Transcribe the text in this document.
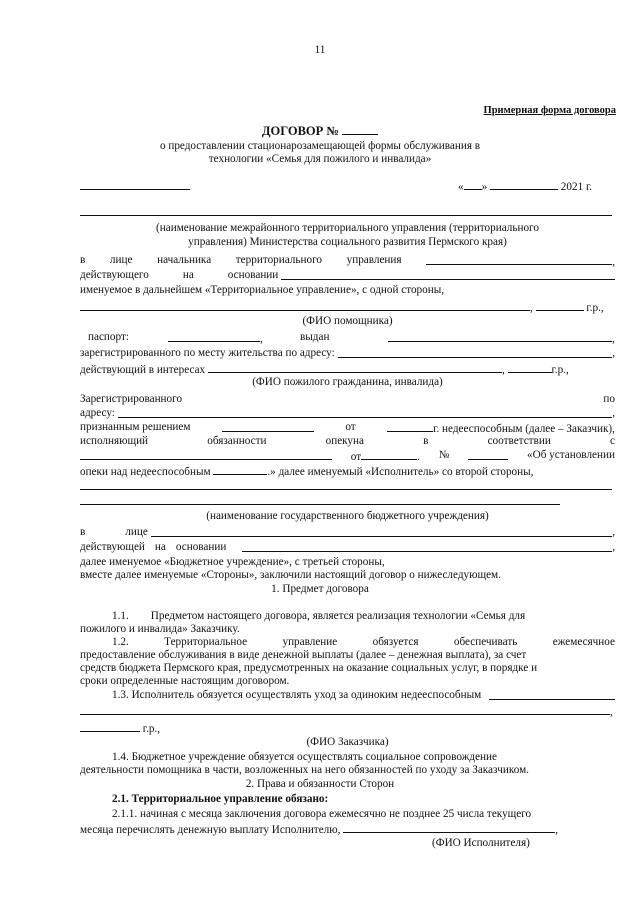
11
Примерная форма договора
ДОГОВОР №
о предоставлении стационарозамещающей формы обслуживания в
технологии «Семья для пожилого и инвалида»
« »	2021 г.
(наименование межрайонного территориального управления (территориального
управления) Министерства социального развития Пермского края)
в лице начальника территориального управления	,
действующего	на	основании
именуемое в дальнейшем «Территориальное управление», с одной стороны,
,	г.р.,
(ФИО помощника)
паспорт:	,	выдан	,
зарегистрированного по месту жительства по адресу:	,
действующий в интересах	,	г.р.,
(ФИО пожилого гражданина, инвалида)
Зарегистрированного	по
адресу:	,
признанным решением	от	г. недееспособным (далее – Заказчик),
исполняющий	обязанности	опекуна	в	соответствии	с
от	. №	«Об установлении
опеки над недееспособным	.» далее именуемый «Исполнитель» со второй стороны,
(наименование государственного бюджетного учреждения)
в	лице	,
действующей на основании	,
далее именуемое «Бюджетное учреждение», с третьей стороны,
вместе далее именуемые «Стороны», заключили настоящий договор о нижеследующем.
1. Предмет договора
1.1. Предметом настоящего договора, является реализация технологии «Семья для
пожилого и инвалида» Заказчику.
1.2.	Территориальное	управление	обязуется	обеспечивать	ежемесячное
предоставление обслуживания в виде денежной выплаты (далее – денежная выплата), за счет
средств бюджета Пермского края, предусмотренных на оказание социальных услуг, в порядке и
сроки определенные настоящим договором.
1.3. Исполнитель обязуется осуществлять уход за одиноким недееспособным
,
г.р.,
(ФИО Заказчика)
1.4. Бюджетное учреждение обязуется осуществлять социальное сопровождение
деятельности помощника в части, возложенных на него обязанностей по уходу за Заказчиком.
2. Права и обязанности Сторон
2.1. Территориальное управление обязано:
2.1.1. начиная с месяца заключения договора ежемесячно не позднее 25 числа текущего
месяца перечислять денежную выплату Исполнителю,	,
(ФИО Исполнителя)
